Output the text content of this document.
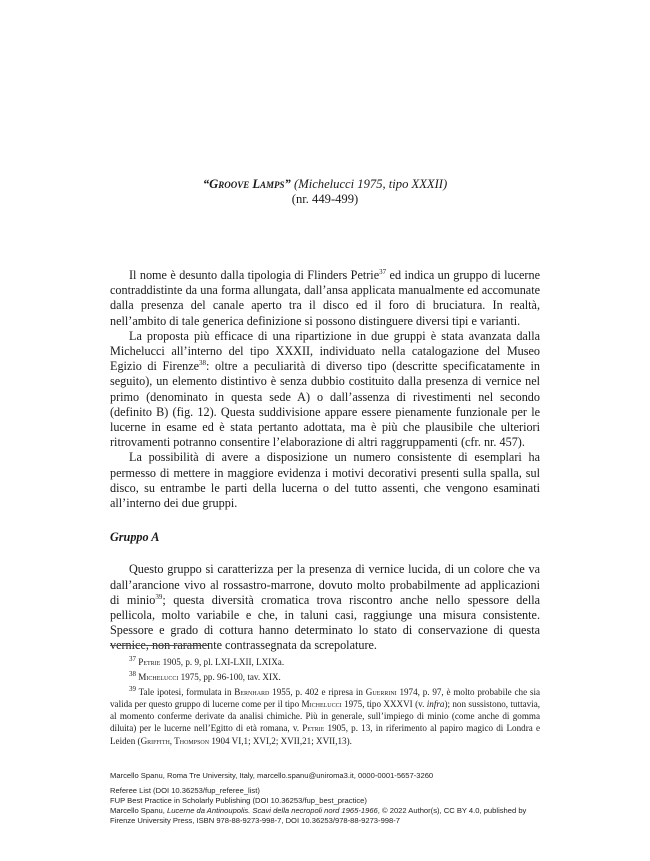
“Groove Lamps” (Michelucci 1975, tipo XXXII)
(nr. 449-499)

Il nome è desunto dalla tipologia di Flinders Petrie$^{37}$ ed indica un gruppo di lucerne contraddistinte da una forma allungata, dall’ansa applicata manualmente ed accomunate dalla presenza del canale aperto tra il disco ed il foro di bruciatura. In realtà, nell’ambito di tale generica definizione si possono distinguere diversi tipi e varianti.

La proposta più efficace di una ripartizione in due gruppi è stata avanzata dalla Michelucci all’interno del tipo XXXII, individuato nella catalogazione del Museo Egizio di Firenze$^{38}$: oltre a peculiarità di diverso tipo (descritte specificatamente in seguito), un elemento distintivo è senza dubbio costituito dalla presenza di vernice nel primo (denominato in questa sede A) o dall’assenza di rivestimenti nel secondo (definito B) (fig. 12). Questa suddivisione appare essere pienamente funzionale per le lucerne in esame ed è stata pertanto adottata, ma è più che plausibile che ulteriori ritrovamenti potranno consentire l’elaborazione di altri raggruppamenti (cfr. nr. 457).

La possibilità di avere a disposizione un numero consistente di esemplari ha permesso di mettere in maggiore evidenza i motivi decorativi presenti sulla spalla, sul disco, su entrambe le parti della lucerna o del tutto assenti, che vengono esaminati all’interno dei due gruppi.

Gruppo A

Questo gruppo si caratterizza per la presenza di vernice lucida, di un colore che va dall’arancione vivo al rossastro-marrone, dovuto molto probabilmente ad applicazioni di minio$^{39}$; questa diversità cromatica trova riscontro anche nello spessore della pellicola, molto variabile e che, in taluni casi, raggiunge una misura consistente. Spessore e grado di cottura hanno determinato lo stato di conservazione di questa vernice, non raramente contrassegnata da screpolature.

$^{37}$ Petrie 1905, p. 9, pl. LXI-LXII, LXIXa.

$^{38}$ Michelucci 1975, pp. 96-100, tav. XIX.

$^{39}$ Tale ipotesi, formulata in Bernhard 1955, p. 402 e ripresa in Guerrini 1974, p. 97, è molto probabile che sia valida per questo gruppo di lucerne come per il tipo Michelucci 1975, tipo XXXVI (v. infra); non sussistono, tuttavia, al momento conferme derivate da analisi chimiche. Più in generale, sull’impiego di minio (come anche di gomma diluita) per le lucerne nell’Egitto di età romana, v. Petrie 1905, p. 13, in riferimento al papiro magico di Londra e Leiden (Griffith, Thompson 1904 VI,1; XVI,2; XVII,21; XVII,13).

Marcello Spanu, Roma Tre University, Italy, marcello.spanu@uniroma3.it, 0000-0001-5657-3260
Referee List (DOI 10.36253/fup_referee_list)
FUP Best Practice in Scholarly Publishing (DOI 10.36253/fup_best_practice)
Marcello Spanu, Lucerne da Antinoupolis. Scavi della necropoli nord 1965-1966, © 2022 Author(s), CC BY 4.0, published by
Firenze University Press, ISBN 978-88-9273-998-7, DOI 10.36253/978-88-9273-998-7
